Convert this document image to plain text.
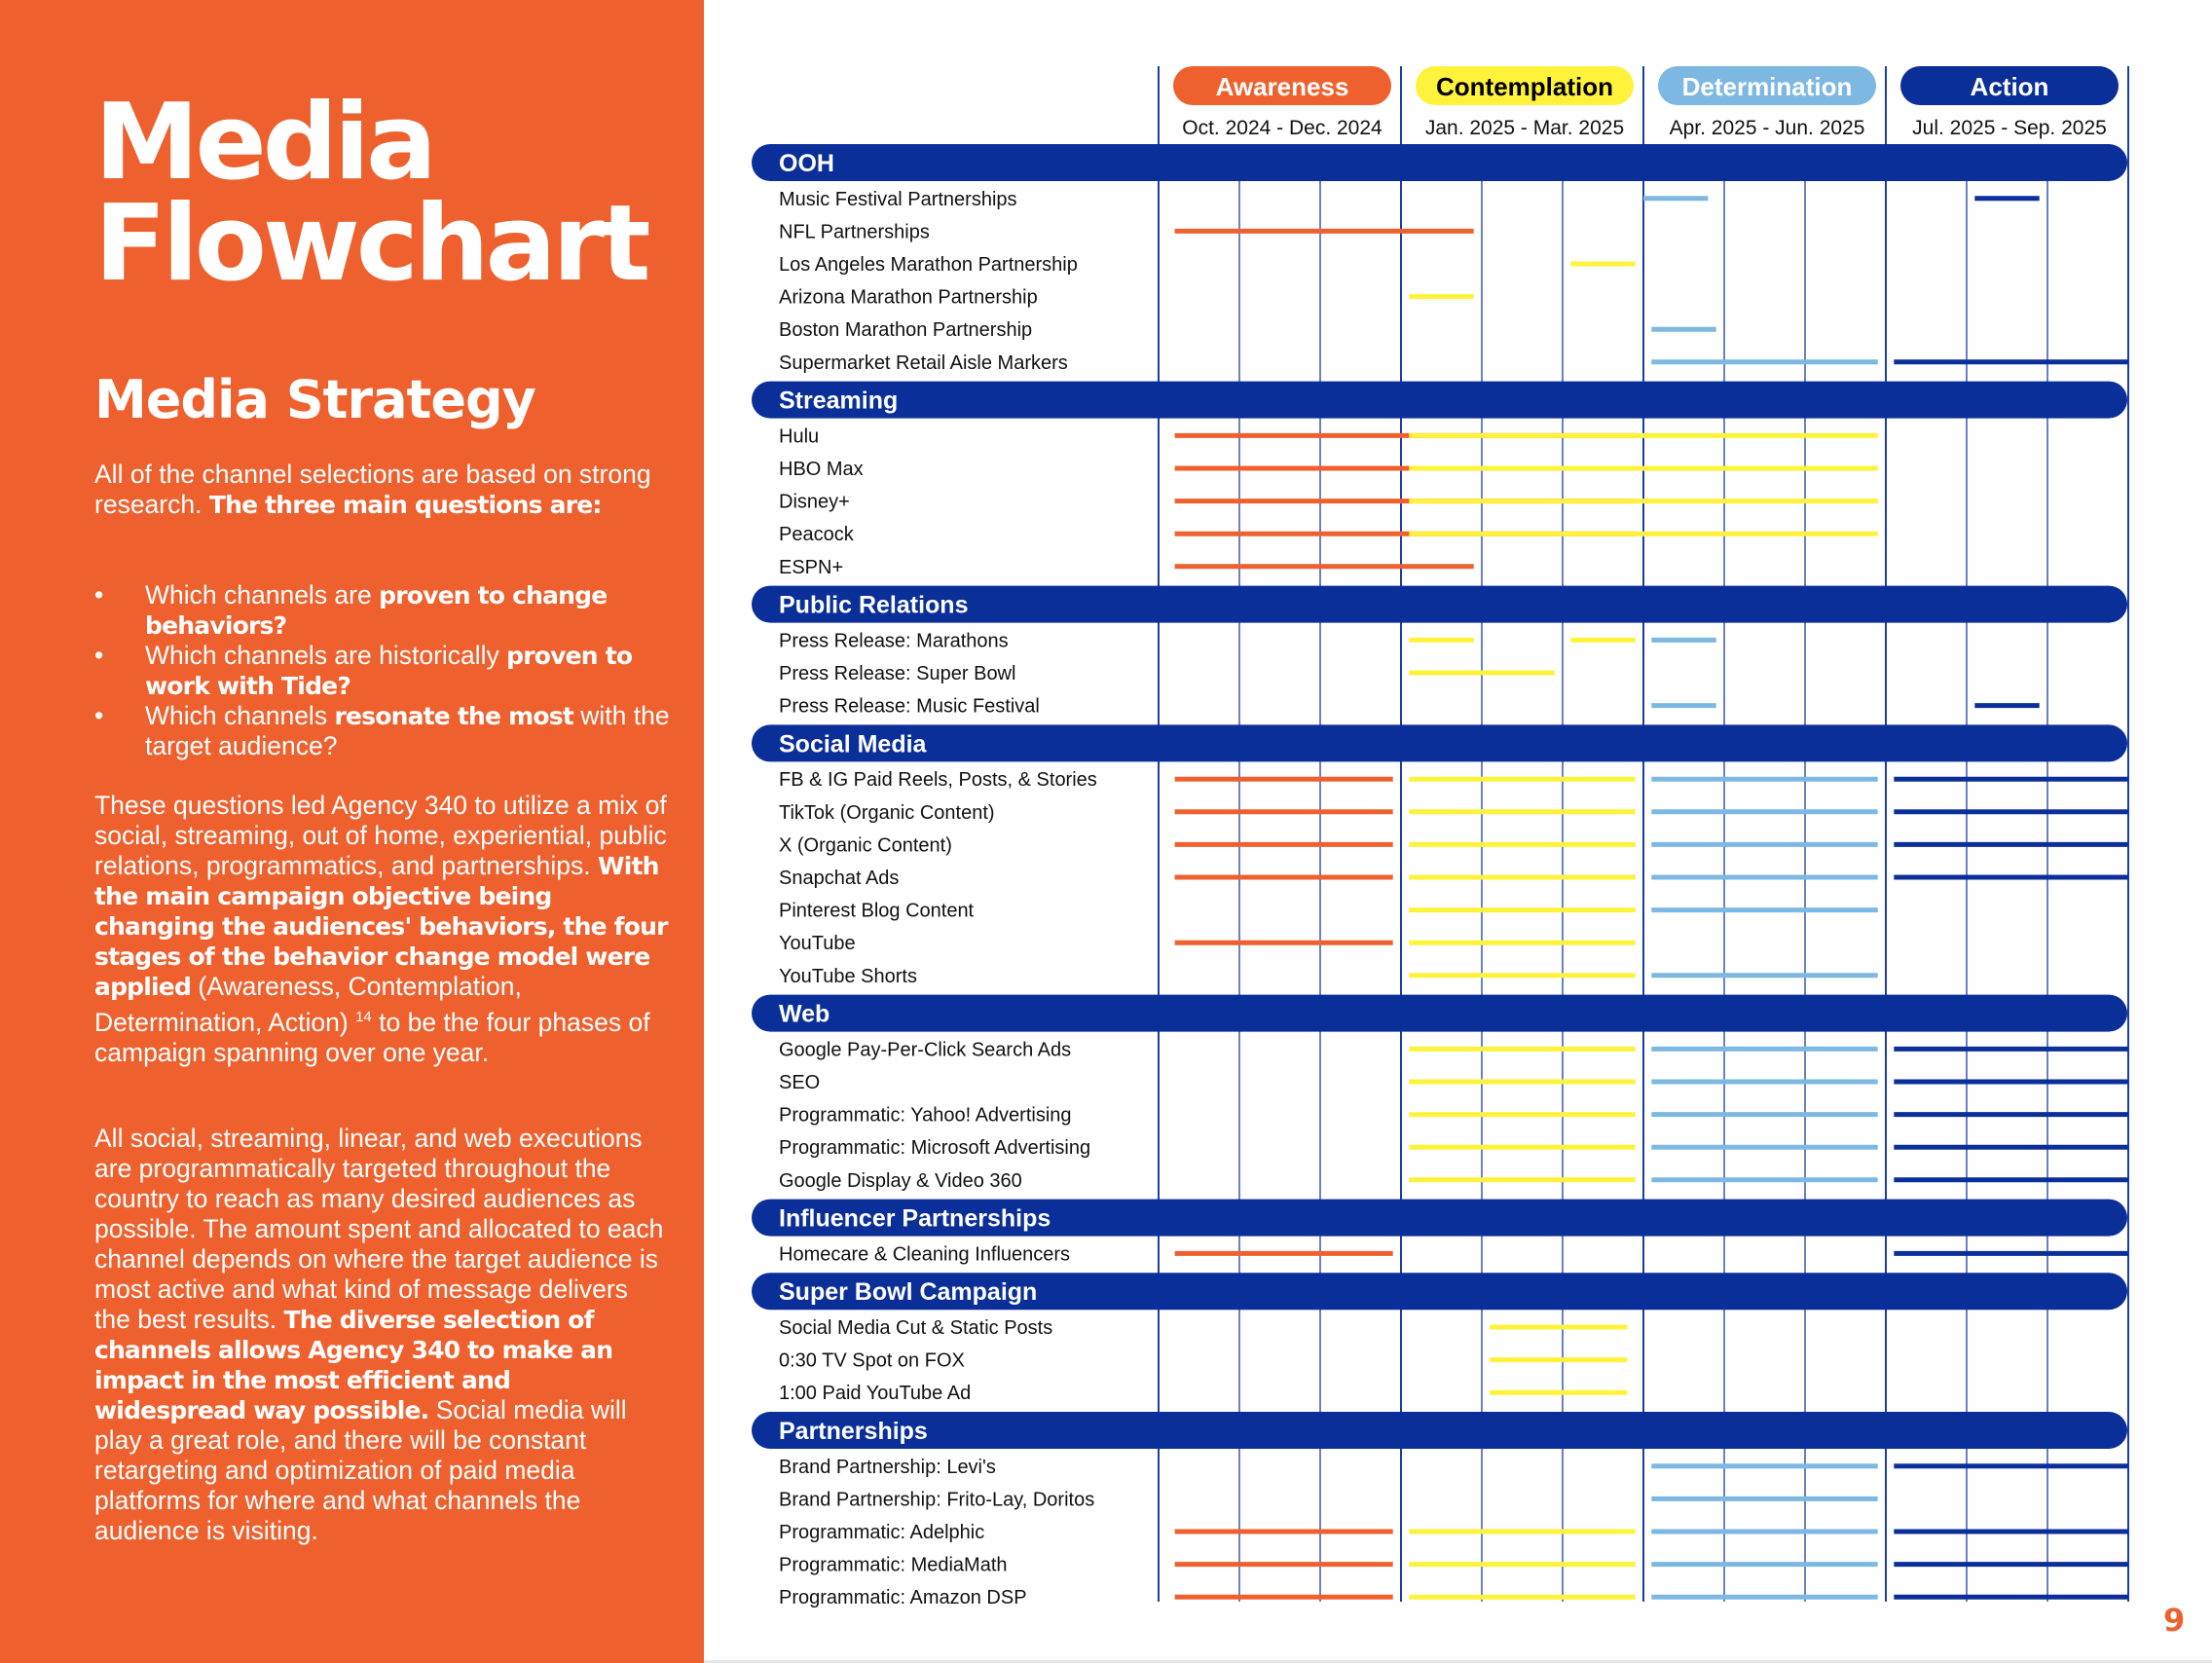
Media
Flowchart
Media Strategy

All of the channel selections are based on strong research. The three main questions are:

• Which channels are proven to change behaviors?
• Which channels are historically proven to work with Tide?
• Which channels resonate the most with the target audience?

These questions led Agency 340 to utilize a mix of social, streaming, out of home, experiential, public relations, programmatics, and partnerships. With the main campaign objective being changing the audiences' behaviors, the four stages of the behavior change model were applied (Awareness, Contemplation, Determination, Action) $^{14}$ to be the four phases of campaign spanning over one year.

All social, streaming, linear, and web executions are programmatically targeted throughout the country to reach as many desired audiences as possible. The amount spent and allocated to each channel depends on where the target audience is most active and what kind of message delivers the best results. The diverse selection of channels allows Agency 340 to make an impact in the most efficient and widespread way possible. Social media will play a great role, and there will be constant retargeting and optimization of paid media platforms for where and what channels the audience is visiting.

Awareness
Oct. 2024 - Dec. 2024
Contemplation
Jan. 2025 - Mar. 2025
Determination
Apr. 2025 - Jun. 2025
Action
Jul. 2025 - Sep. 2025
OOH
Music Festival Partnerships
NFL Partnerships
Los Angeles Marathon Partnership
Arizona Marathon Partnership
Boston Marathon Partnership
Supermarket Retail Aisle Markers
Streaming
Hulu
HBO Max
Disney+
Peacock
ESPN+
Public Relations
Press Release: Marathons
Press Release: Super Bowl
Press Release: Music Festival
Social Media
FB & IG Paid Reels, Posts, & Stories
TikTok (Organic Content)
X (Organic Content)
Snapchat Ads
Pinterest Blog Content
YouTube
YouTube Shorts
Web
Google Pay-Per-Click Search Ads
SEO
Programmatic: Yahoo! Advertising
Programmatic: Microsoft Advertising
Google Display & Video 360
Influencer Partnerships
Homecare & Cleaning Influencers
Super Bowl Campaign
Social Media Cut & Static Posts
0:30 TV Spot on FOX
1:00 Paid YouTube Ad
Partnerships
Brand Partnership: Levi's
Brand Partnership: Frito-Lay, Doritos
Programmatic: Adelphic
Programmatic: MediaMath
Programmatic: Amazon DSP
9
